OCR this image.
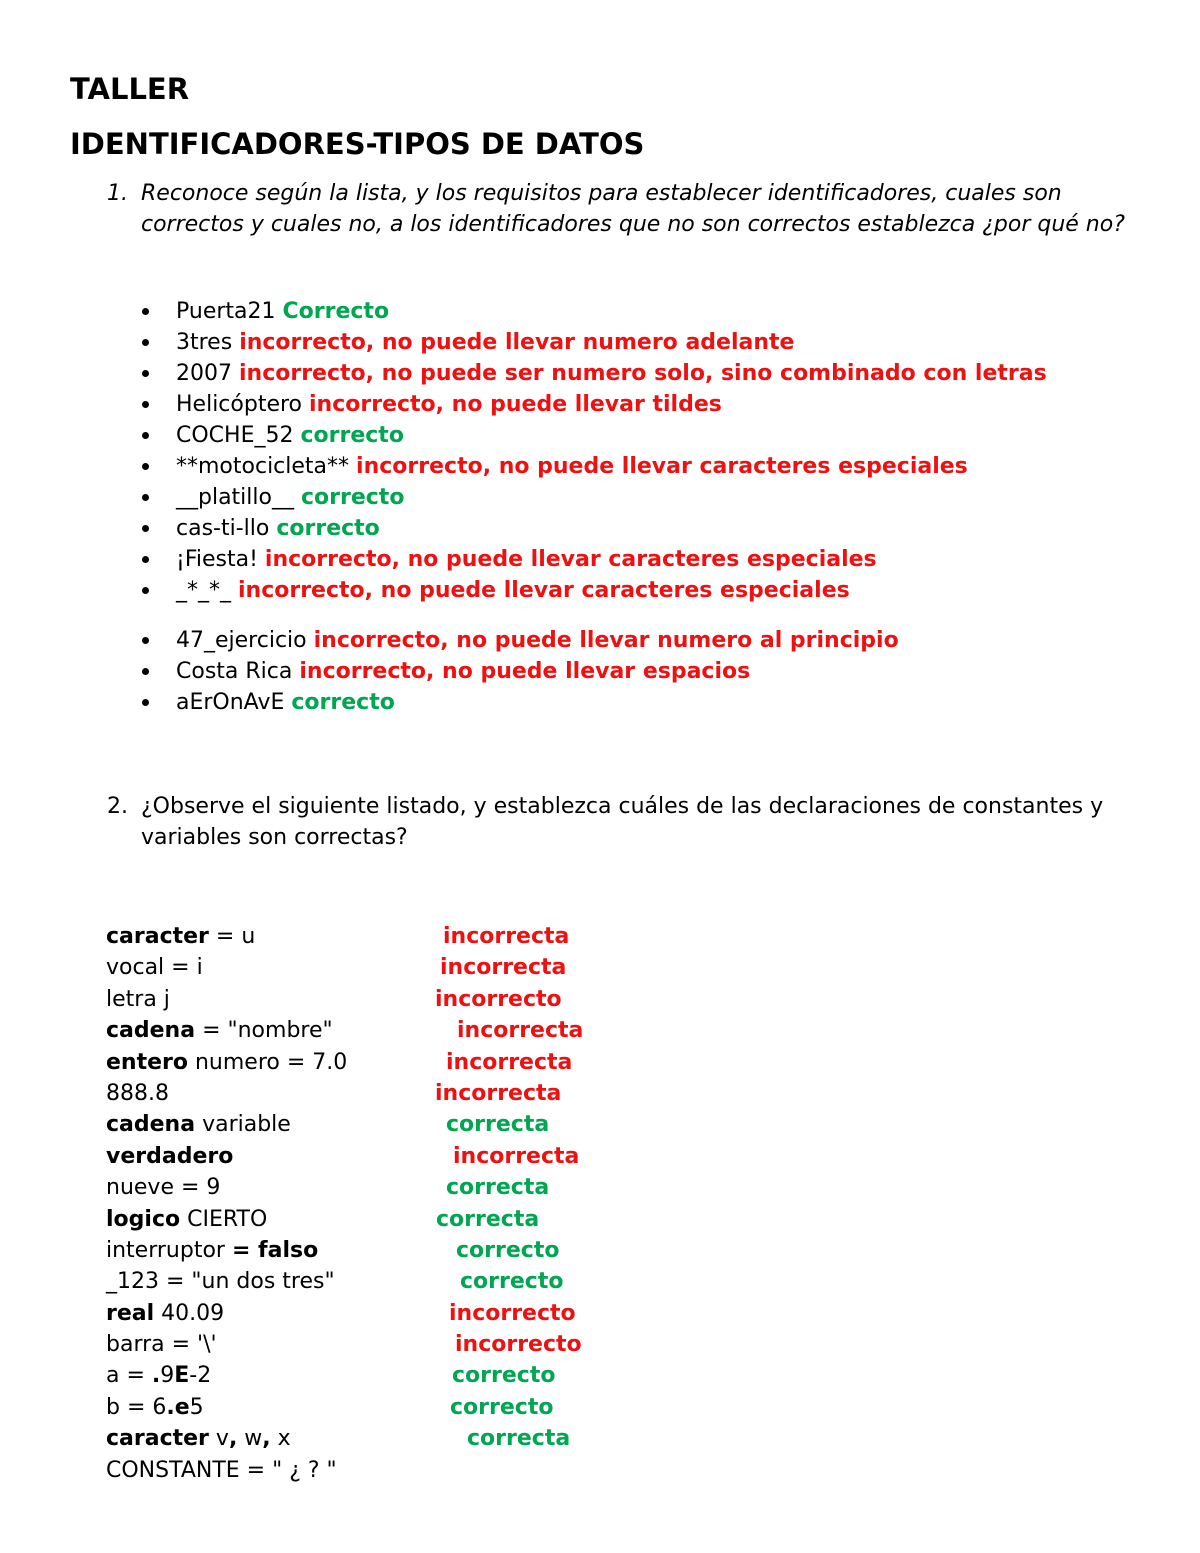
TALLER
IDENTIFICADORES-TIPOS DE DATOS
1. Reconoce según la lista, y los requisitos para establecer identificadores, cuales son correctos y cuales no, a los identificadores que no son correctos establezca ¿por qué no?
Puerta21 Correcto
3tres incorrecto, no puede llevar numero adelante
2007 incorrecto, no puede ser numero solo, sino combinado con letras
Helicóptero incorrecto, no puede llevar tildes
COCHE_52 correcto
**motocicleta** incorrecto, no puede llevar caracteres especiales
__platillo__ correcto
cas-ti-llo correcto
¡Fiesta! incorrecto, no puede llevar caracteres especiales
_*_*_ incorrecto, no puede llevar caracteres especiales
47_ejercicio incorrecto, no puede llevar numero al principio
Costa Rica incorrecto, no puede llevar espacios
aErOnAvE correcto
2. ¿Observe el siguiente listado, y establezca cuáles de las declaraciones de constantes y variables son correctas?
caracter = u	incorrecta
vocal = i	incorrecta
letra j	incorrecto
cadena = "nombre"	incorrecta
entero numero = 7.0	incorrecta
888.8	incorrecta
cadena variable	correcta
verdadero	incorrecta
nueve = 9	correcta
logico CIERTO	correcta
interruptor = falso	correcto
_123 = "un dos tres"	correcto
real 40.09	incorrecto
barra = '\'	incorrecto
a = .9E-2	correcto
b = 6.e5	correcto
caracter v, w, x	correcta
CONSTANTE = " ¿ ? "
